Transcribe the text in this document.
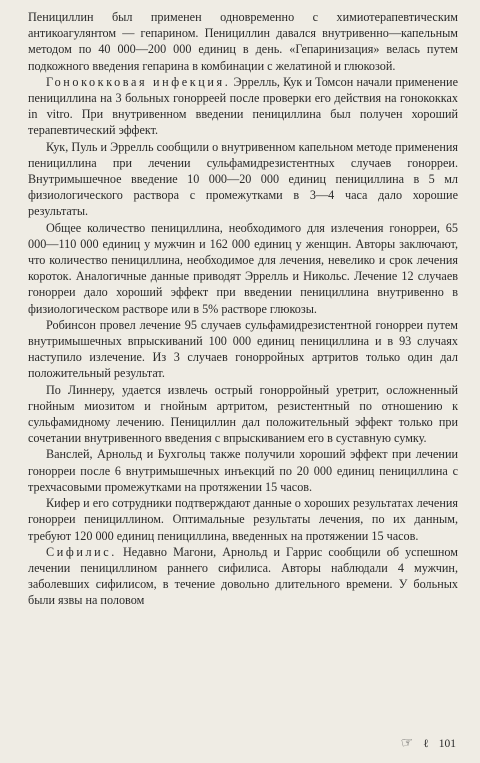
Пенициллин был применен одновременно с химиотерапевтическим антикоагулянтом — гепарином. Пенициллин давался внутривенно—капельным методом по 40 000—200 000 единиц в день. «Гепаринизация» велась путем подкожного введения гепарина в комбинации с желатиной и глюкозой.

Гонококковая инфекция. Эррелль, Кук и Томсон начали применение пенициллина на 3 больных гонорреей после проверки его действия на гонококках in vitro. При внутривенном введении пенициллина был получен хороший терапевтический эффект.

Кук, Пуль и Эррелль сообщили о внутривенном капельном методе применения пенициллина при лечении сульфамидрезистентных случаев гонорреи. Внутримышечное введение 10 000—20 000 единиц пенициллина в 5 мл физиологического раствора с промежутками в 3—4 часа дало хорошие результаты.

Общее количество пенициллина, необходимого для излечения гонорреи, 65 000—110 000 единиц у мужчин и 162 000 единиц у женщин. Авторы заключают, что количество пенициллина, необходимое для лечения, невелико и срок лечения короток. Аналогичные данные приводят Эррелль и Никольс. Лечение 12 случаев гонорреи дало хороший эффект при введении пенициллина внутривенно в физиологическом растворе или в 5% растворе глюкозы.

Робинсон провел лечение 95 случаев сульфамидрезистентной гонорреи путем внутримышечных впрыскиваний 100 000 единиц пенициллина и в 93 случаях наступило излечение. Из 3 случаев гонорройных артритов только один дал положительный результат.

По Линнеру, удается извлечь острый гонорройный уретрит, осложненный гнойным миозитом и гнойным артритом, резистентный по отношению к сульфамидному лечению. Пенициллин дал положительный эффект только при сочетании внутривенного введения с впрыскиванием его в суставную сумку.

Ванслей, Арнольд и Бухгольц также получили хороший эффект при лечении гонорреи после 6 внутримышечных инъекций по 20 000 единиц пенициллина с трехчасовыми промежутками на протяжении 15 часов.

Кифер и его сотрудники подтверждают данные о хороших результатах лечения гонорреи пенициллином. Оптимальные результаты лечения, по их данным, требуют 120 000 единиц пенициллина, введенных на протяжении 15 часов.

Сифилис. Недавно Магони, Арнольд и Гаррис сообщили об успешном лечении пенициллином раннего сифилиса. Авторы наблюдали 4 мужчин, заболевших сифилисом, в течение довольно длительного времени. У больных были язвы на половом

☞ ℓ 101
